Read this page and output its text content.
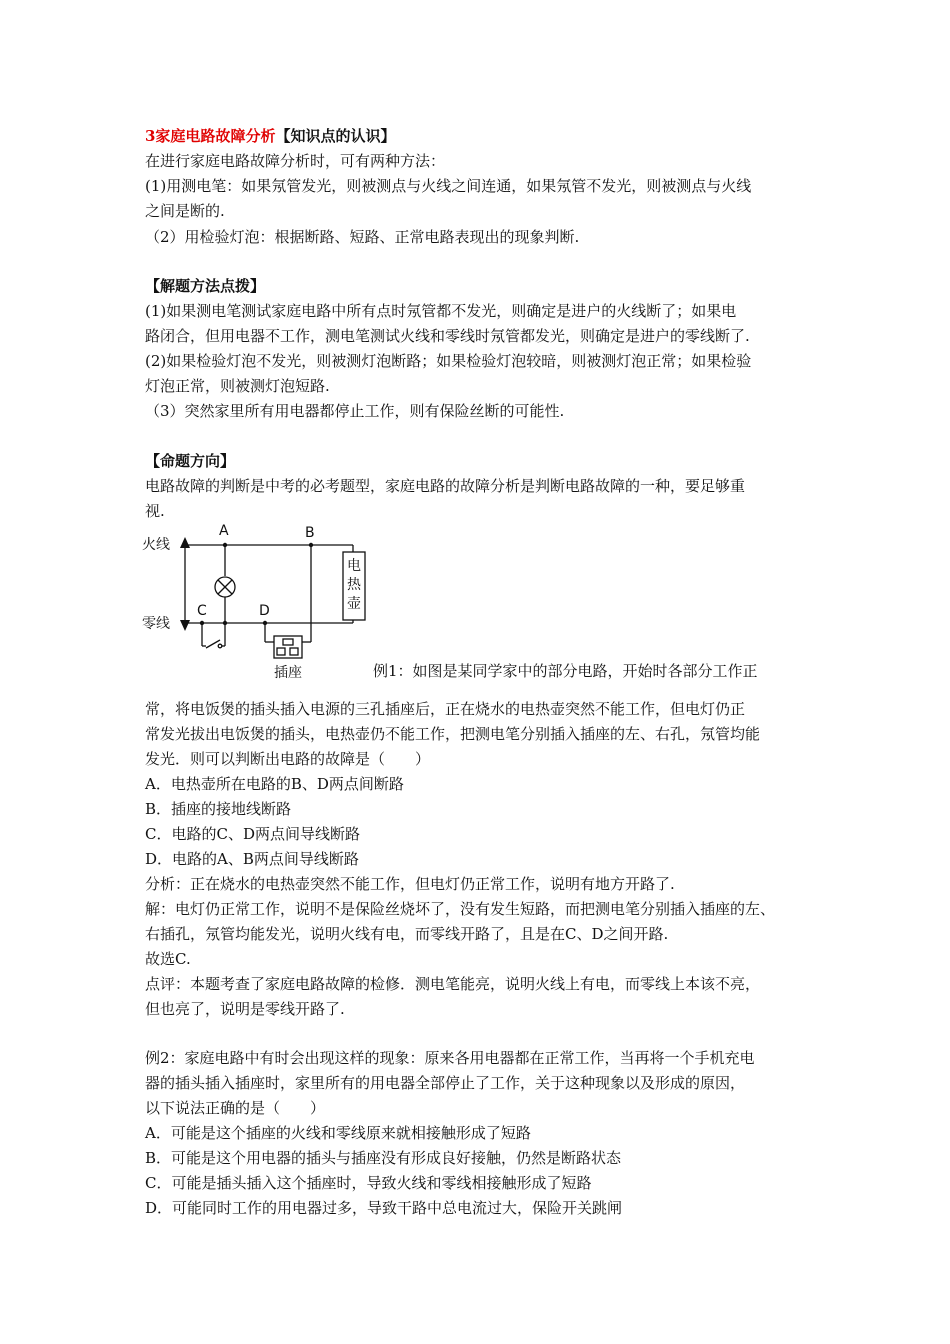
3家庭电路故障分析【知识点的认识】
在进行家庭电路故障分析时，可有两种方法：
(1)用测电笔：如果氖管发光，则被测点与火线之间连通，如果氖管不发光，则被测点与火线
之间是断的.
（2）用检验灯泡：根据断路、短路、正常电路表现出的现象判断.
【解题方法点拨】
(1)如果测电笔测试家庭电路中所有点时氖管都不发光，则确定是进户的火线断了；如果电
路闭合，但用电器不工作，测电笔测试火线和零线时氖管都发光，则确定是进户的零线断了.
(2)如果检验灯泡不发光，则被测灯泡断路；如果检验灯泡较暗，则被测灯泡正常；如果检验
灯泡正常，则被测灯泡短路.
（3）突然家里所有用电器都停止工作，则有保险丝断的可能性.
【命题方向】
电路故障的判断是中考的必考题型，家庭电路的故障分析是判断电路故障的一种，要足够重
视.
火线
零线
A	B
C	D
电
热
壶
插座	例1：如图是某同学家中的部分电路，开始时各部分工作正
常，将电饭煲的插头插入电源的三孔插座后，正在烧水的电热壶突然不能工作，但电灯仍正
常发光拔出电饭煲的插头，电热壶仍不能工作，把测电笔分别插入插座的左、右孔，氖管均能
发光．则可以判断出电路的故障是（　　）
A．电热壶所在电路的B、D两点间断路
B．插座的接地线断路
C．电路的C、D两点间导线断路
D．电路的A、B两点间导线断路
分析：正在烧水的电热壶突然不能工作，但电灯仍正常工作，说明有地方开路了.
解：电灯仍正常工作，说明不是保险丝烧坏了，没有发生短路，而把测电笔分别插入插座的左、
右插孔，氖管均能发光，说明火线有电，而零线开路了，且是在C、D之间开路.
故选C.
点评：本题考查了家庭电路故障的检修．测电笔能亮，说明火线上有电，而零线上本该不亮，
但也亮了，说明是零线开路了.
例2：家庭电路中有时会出现这样的现象：原来各用电器都在正常工作，当再将一个手机充电
器的插头插入插座时，家里所有的用电器全部停止了工作，关于这种现象以及形成的原因，
以下说法正确的是（　　）
A．可能是这个插座的火线和零线原来就相接触形成了短路
B．可能是这个用电器的插头与插座没有形成良好接触，仍然是断路状态
C．可能是插头插入这个插座时，导致火线和零线相接触形成了短路
D．可能同时工作的用电器过多，导致干路中总电流过大，保险开关跳闸
